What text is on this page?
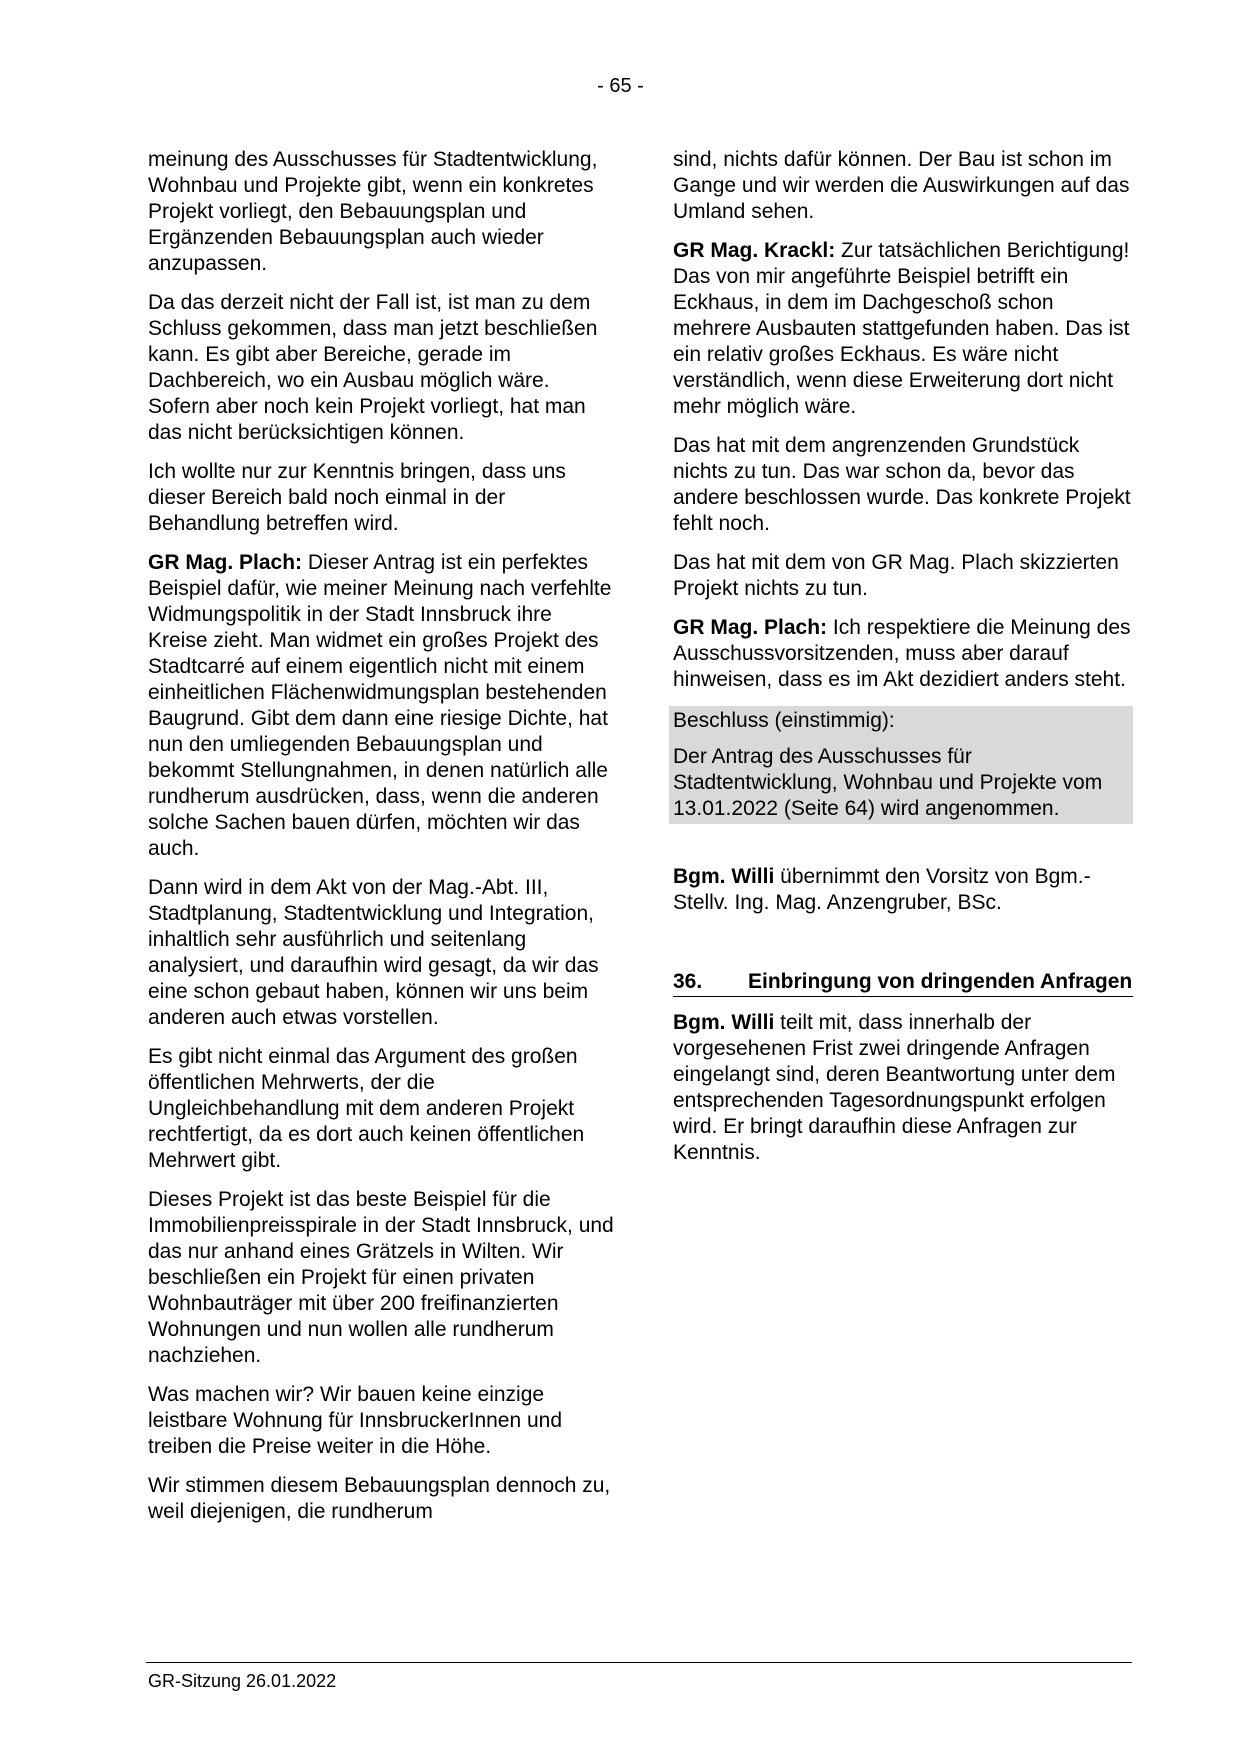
- 65 -

meinung des Ausschusses für Stadtentwicklung, Wohnbau und Projekte gibt, wenn ein konkretes Projekt vorliegt, den Bebauungsplan und Ergänzenden Bebauungsplan auch wieder anzupassen.

Da das derzeit nicht der Fall ist, ist man zu dem Schluss gekommen, dass man jetzt beschließen kann. Es gibt aber Bereiche, gerade im Dachbereich, wo ein Ausbau möglich wäre. Sofern aber noch kein Projekt vorliegt, hat man das nicht berücksichtigen können.

Ich wollte nur zur Kenntnis bringen, dass uns dieser Bereich bald noch einmal in der Behandlung betreffen wird.

GR Mag. Plach: Dieser Antrag ist ein perfektes Beispiel dafür, wie meiner Meinung nach verfehlte Widmungspolitik in der Stadt Innsbruck ihre Kreise zieht. Man widmet ein großes Projekt des Stadtcarré auf einem eigentlich nicht mit einem einheitlichen Flächenwidmungsplan bestehenden Baugrund. Gibt dem dann eine riesige Dichte, hat nun den umliegenden Bebauungsplan und bekommt Stellungnahmen, in denen natürlich alle rundherum ausdrücken, dass, wenn die anderen solche Sachen bauen dürfen, möchten wir das auch.

Dann wird in dem Akt von der Mag.-Abt. III, Stadtplanung, Stadtentwicklung und Integration, inhaltlich sehr ausführlich und seitenlang analysiert, und daraufhin wird gesagt, da wir das eine schon gebaut haben, können wir uns beim anderen auch etwas vorstellen.

Es gibt nicht einmal das Argument des großen öffentlichen Mehrwerts, der die Ungleichbehandlung mit dem anderen Projekt rechtfertigt, da es dort auch keinen öffentlichen Mehrwert gibt.

Dieses Projekt ist das beste Beispiel für die Immobilienpreisspirale in der Stadt Innsbruck, und das nur anhand eines Grätzels in Wilten. Wir beschließen ein Projekt für einen privaten Wohnbauträger mit über 200 freifinanzierten Wohnungen und nun wollen alle rundherum nachziehen.

Was machen wir? Wir bauen keine einzige leistbare Wohnung für InnsbruckerInnen und treiben die Preise weiter in die Höhe.

Wir stimmen diesem Bebauungsplan dennoch zu, weil diejenigen, die rundherum

sind, nichts dafür können. Der Bau ist schon im Gange und wir werden die Auswirkungen auf das Umland sehen.

GR Mag. Krackl: Zur tatsächlichen Berichtigung! Das von mir angeführte Beispiel betrifft ein Eckhaus, in dem im Dachgeschoß schon mehrere Ausbauten stattgefunden haben. Das ist ein relativ großes Eckhaus. Es wäre nicht verständlich, wenn diese Erweiterung dort nicht mehr möglich wäre.

Das hat mit dem angrenzenden Grundstück nichts zu tun. Das war schon da, bevor das andere beschlossen wurde. Das konkrete Projekt fehlt noch.

Das hat mit dem von GR Mag. Plach skizzierten Projekt nichts zu tun.

GR Mag. Plach: Ich respektiere die Meinung des Ausschussvorsitzenden, muss aber darauf hinweisen, dass es im Akt dezidiert anders steht.

Beschluss (einstimmig):

Der Antrag des Ausschusses für Stadtentwicklung, Wohnbau und Projekte vom 13.01.2022 (Seite 64) wird angenommen.

Bgm. Willi übernimmt den Vorsitz von Bgm.-Stellv. Ing. Mag. Anzengruber, BSc.

36.	Einbringung von dringenden Anfragen

Bgm. Willi teilt mit, dass innerhalb der vorgesehenen Frist zwei dringende Anfragen eingelangt sind, deren Beantwortung unter dem entsprechenden Tagesordnungspunkt erfolgen wird. Er bringt daraufhin diese Anfragen zur Kenntnis.

GR-Sitzung 26.01.2022
